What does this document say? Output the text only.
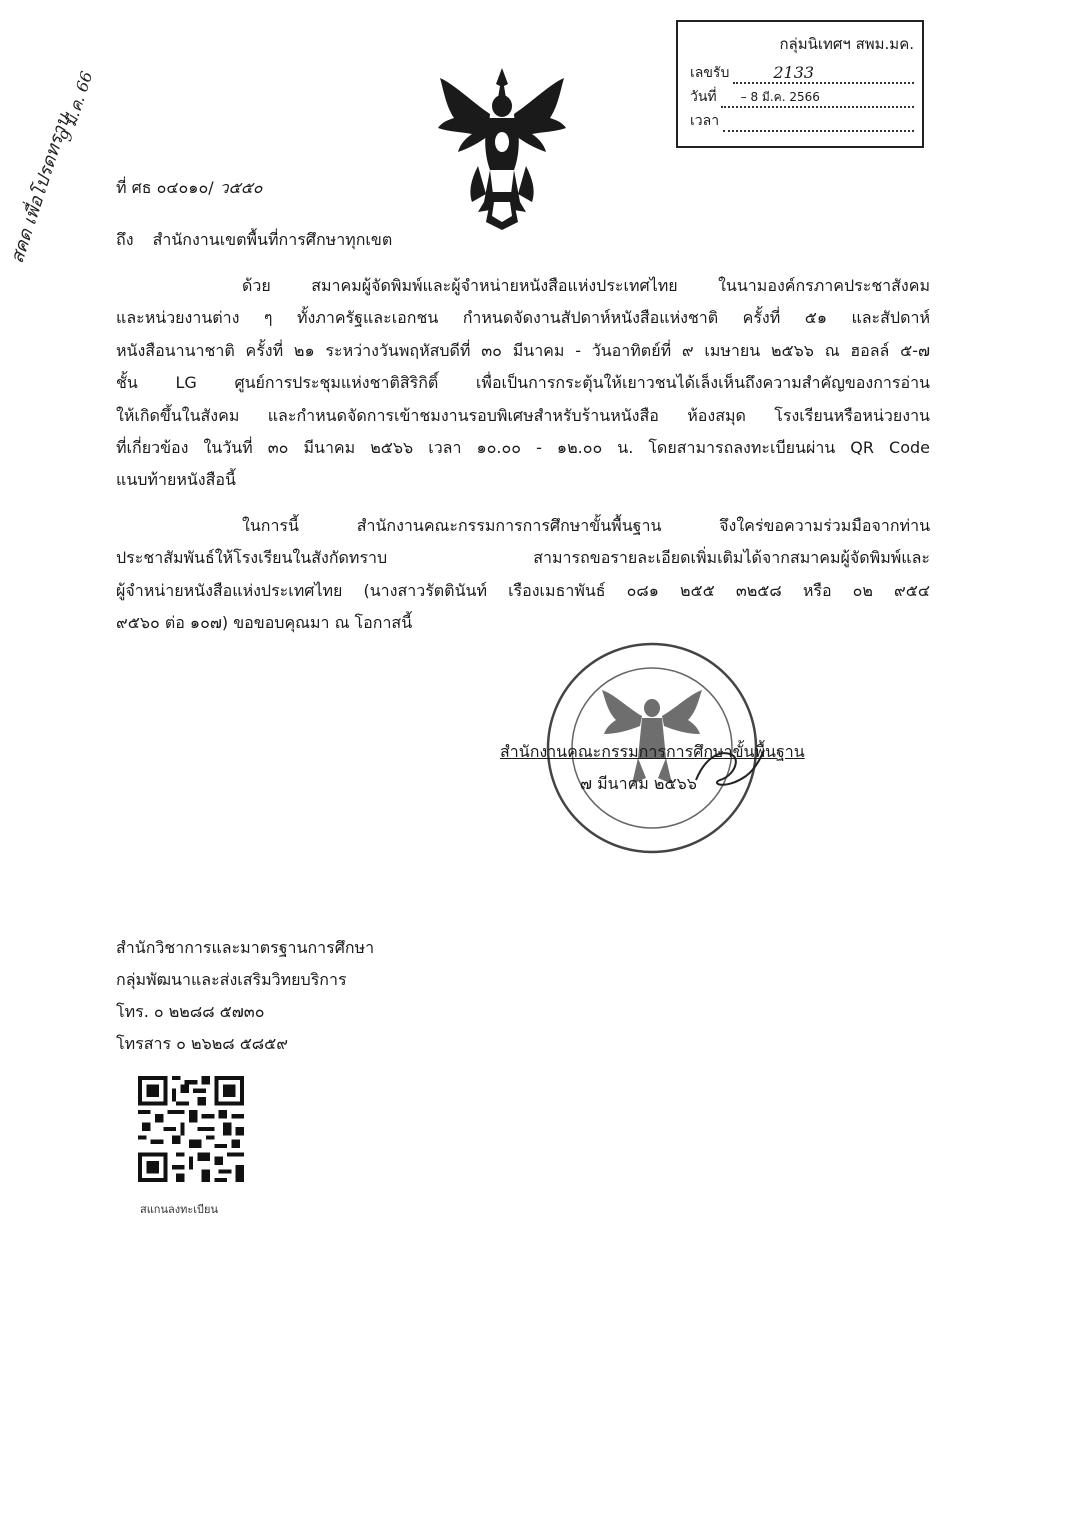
สคด เพื่อโปรดทราบ
9 มี.ค. 66
กลุ่มนิเทศฯ สพม.มค.
เลขรับ	2133
วันที่	– 8 มี.ค. 2566
เวลา
ที่ ศธ ๐๔๐๑๐/ ว๕๕๐
ถึง สำนักงานเขตพื้นที่การศึกษาทุกเขต
ด้วย สมาคมผู้จัดพิมพ์และผู้จำหน่ายหนังสือแห่งประเทศไทย ในนามองค์กรภาคประชาสังคม
และหน่วยงานต่าง ๆ ทั้งภาครัฐและเอกชน กำหนดจัดงานสัปดาห์หนังสือแห่งชาติ ครั้งที่ ๕๑ และสัปดาห์
หนังสือนานาชาติ ครั้งที่ ๒๑ ระหว่างวันพฤหัสบดีที่ ๓๐ มีนาคม - วันอาทิตย์ที่ ๙ เมษายน ๒๕๖๖ ณ ฮอลล์ ๕-๗
ชั้น LG ศูนย์การประชุมแห่งชาติสิริกิติ์ เพื่อเป็นการกระตุ้นให้เยาวชนได้เล็งเห็นถึงความสำคัญของการอ่าน
ให้เกิดขึ้นในสังคม และกำหนดจัดการเข้าชมงานรอบพิเศษสำหรับร้านหนังสือ ห้องสมุด โรงเรียนหรือหน่วยงาน
ที่เกี่ยวข้อง ในวันที่ ๓๐ มีนาคม ๒๕๖๖ เวลา ๑๐.๐๐ - ๑๒.๐๐ น. โดยสามารถลงทะเบียนผ่าน QR Code
แนบท้ายหนังสือนี้
ในการนี้ สำนักงานคณะกรรมการการศึกษาขั้นพื้นฐาน จึงใคร่ขอความร่วมมือจากท่าน
ประชาสัมพันธ์ให้โรงเรียนในสังกัดทราบ สามารถขอรายละเอียดเพิ่มเติมได้จากสมาคมผู้จัดพิมพ์และ
ผู้จำหน่ายหนังสือแห่งประเทศไทย (นางสาวรัตตินันท์ เรืองเมธาพันธ์ ๐๘๑ ๒๕๕ ๓๒๕๘ หรือ ๐๒ ๙๕๔
๙๕๖๐ ต่อ ๑๐๗) ขอขอบคุณมา ณ โอกาสนี้
สำนักงานคณะกรรมการการศึกษาขั้นพื้นฐาน
๗ มีนาคม ๒๕๖๖
สำนักวิชาการและมาตรฐานการศึกษา
กลุ่มพัฒนาและส่งเสริมวิทยบริการ
โทร. ๐ ๒๒๘๘ ๕๗๓๐
โทรสาร ๐ ๒๖๒๘ ๕๘๕๙
สแกนลงทะเบียน
